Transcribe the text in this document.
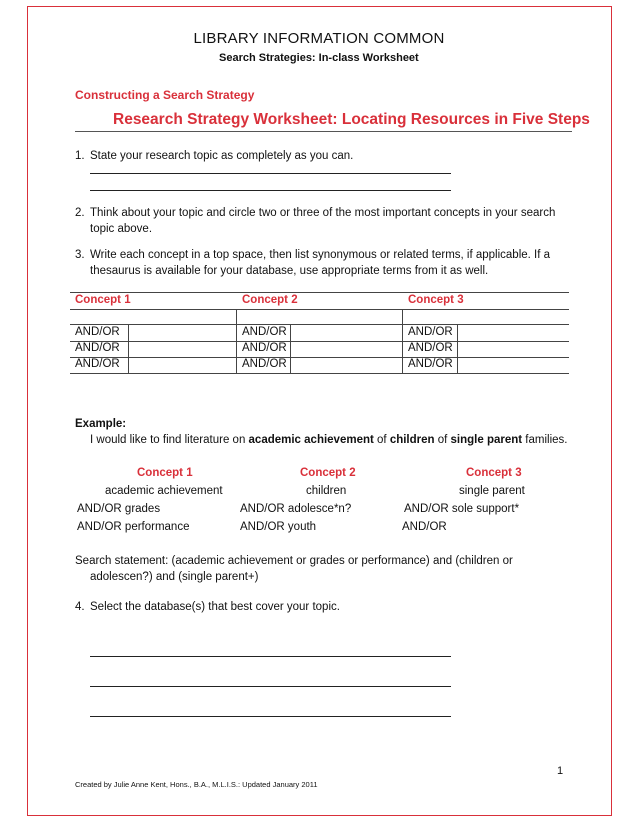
LIBRARY INFORMATION COMMON
Search Strategies: In-class Worksheet
Constructing a Search Strategy
Research Strategy Worksheet: Locating Resources in Five Steps
1. State your research topic as completely as you can.
2. Think about your topic and circle two or three of the most important concepts in your search topic above.
3. Write each concept in a top space, then list synonymous or related terms, if applicable. If a thesaurus is available for your database, use appropriate terms from it as well.
Concept 1	Concept 2	Concept 3
AND/OR	AND/OR	AND/OR
AND/OR	AND/OR	AND/OR
AND/OR	AND/OR	AND/OR
Example:
I would like to find literature on academic achievement of children of single parent families.
Concept 1	Concept 2	Concept 3
academic achievement	children	single parent
AND/OR grades	AND/OR adolesce*n?	AND/OR sole support*
AND/OR performance	AND/OR youth	AND/OR
Search statement: (academic achievement or grades or performance) and (children or adolescen?) and (single parent+)
4. Select the database(s) that best cover your topic.
1
Created by Julie Anne Kent, Hons., B.A., M.L.I.S.: Updated January 2011
